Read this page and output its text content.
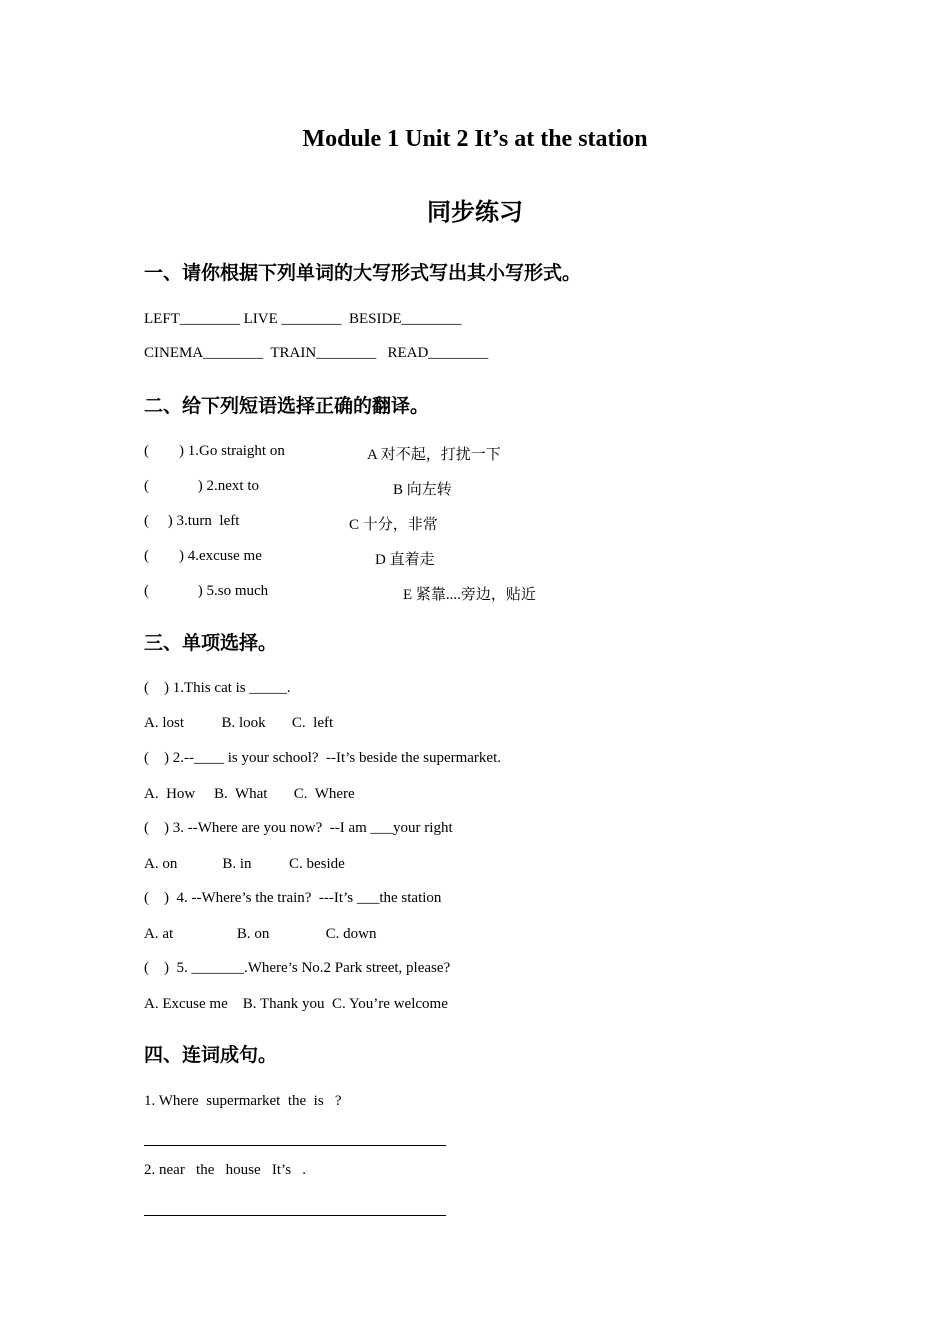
Module 1 Unit 2 It’s at the station
同步练习
一、请你根据下列单词的大写形式写出其小写形式。
LEFT________ LIVE ________  BESIDE________
CINEMA________  TRAIN________   READ________
二、给下列短语选择正确的翻译。
(        ) 1.Go straight on	A 对不起，打扰一下
(             ) 2.next to	B 向左转
(     ) 3.turn  left	C 十分，非常
(        ) 4.excuse me	D 直着走
(             ) 5.so much	E 紧靠....旁边，贴近
三、单项选择。
(    ) 1.This cat is _____.
A. lost          B. look       C.  left
(    ) 2.--____ is your school?  --It’s beside the supermarket.
A.  How     B.  What       C.  Where
(    ) 3. --Where are you now?  --I am ___your right
A. on            B. in          C. beside
(    )  4. --Where’s the train?  ---It’s ___the station
A. at                 B. on               C. down
(    )  5. _______.Where’s No.2 Park street, please?
A. Excuse me    B. Thank you  C. You’re welcome
四、连词成句。
1. Where  supermarket  the  is   ?
2. near   the   house   It’s   .
